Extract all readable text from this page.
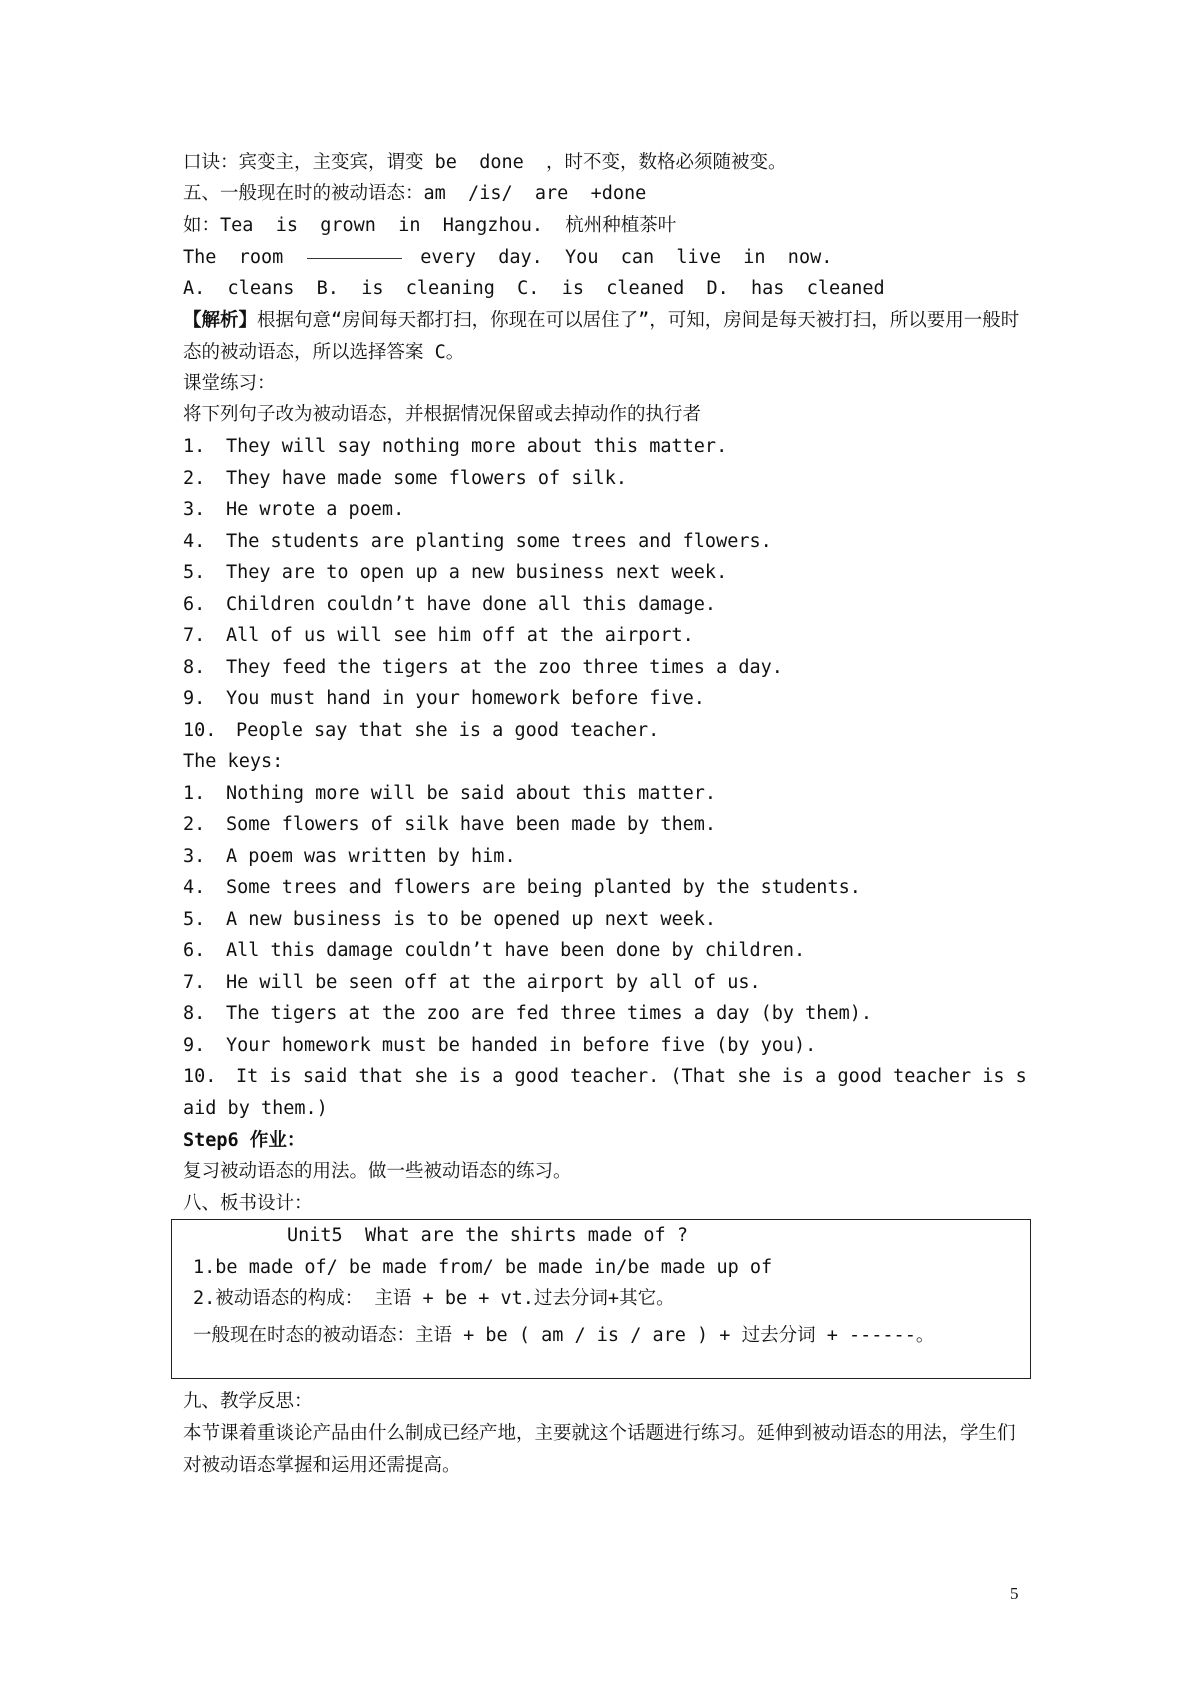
口诀：宾变主，主变宾，谓变 be  done  ，时不变，数格必须随被变。
五、一般现在时的被动语态：am  /is/  are  +done
如：Tea  is  grown  in  Hangzhou.  杭州种植茶叶
The  room	every  day.  You  can  live  in  now.
A.  cleans  B.  is  cleaning  C.  is  cleaned  D.  has  cleaned
【解析】根据句意“房间每天都打扫，你现在可以居住了”，可知，房间是每天被打扫，所以要用一般时态的被动语态，所以选择答案 C。
课堂练习：
将下列句子改为被动语态，并根据情况保留或去掉动作的执行者
1. They will say nothing more about this matter.
2. They have made some flowers of silk.
3. He wrote a poem.
4. The students are planting some trees and flowers.
5. They are to open up a new business next week.
6. Children couldn’t have done all this damage.
7. All of us will see him off at the airport.
8. They feed the tigers at the zoo three times a day.
9. You must hand in your homework before five.
10. People say that she is a good teacher.
The keys:
1. Nothing more will be said about this matter.
2. Some flowers of silk have been made by them.
3. A poem was written by him.
4. Some trees and flowers are being planted by the students.
5. A new business is to be opened up next week.
6. All this damage couldn’t have been done by children.
7. He will be seen off at the airport by all of us.
8. The tigers at the zoo are fed three times a day (by them).
9. Your homework must be handed in before five (by you).
10. It is said that she is a good teacher. (That she is a good teacher is said by them.)
Step6 作业：
复习被动语态的用法。做一些被动语态的练习。
八、板书设计：
Unit5  What are the shirts made of ?
1.be made of/ be made from/ be made in/be made up of
2.被动语态的构成： 主语 + be + vt.过去分词+其它。
一般现在时态的被动语态：主语 + be ( am / is / are ) + 过去分词 + ------。
九、教学反思：
本节课着重谈论产品由什么制成已经产地，主要就这个话题进行练习。延伸到被动语态的用法，学生们对被动语态掌握和运用还需提高。
5
